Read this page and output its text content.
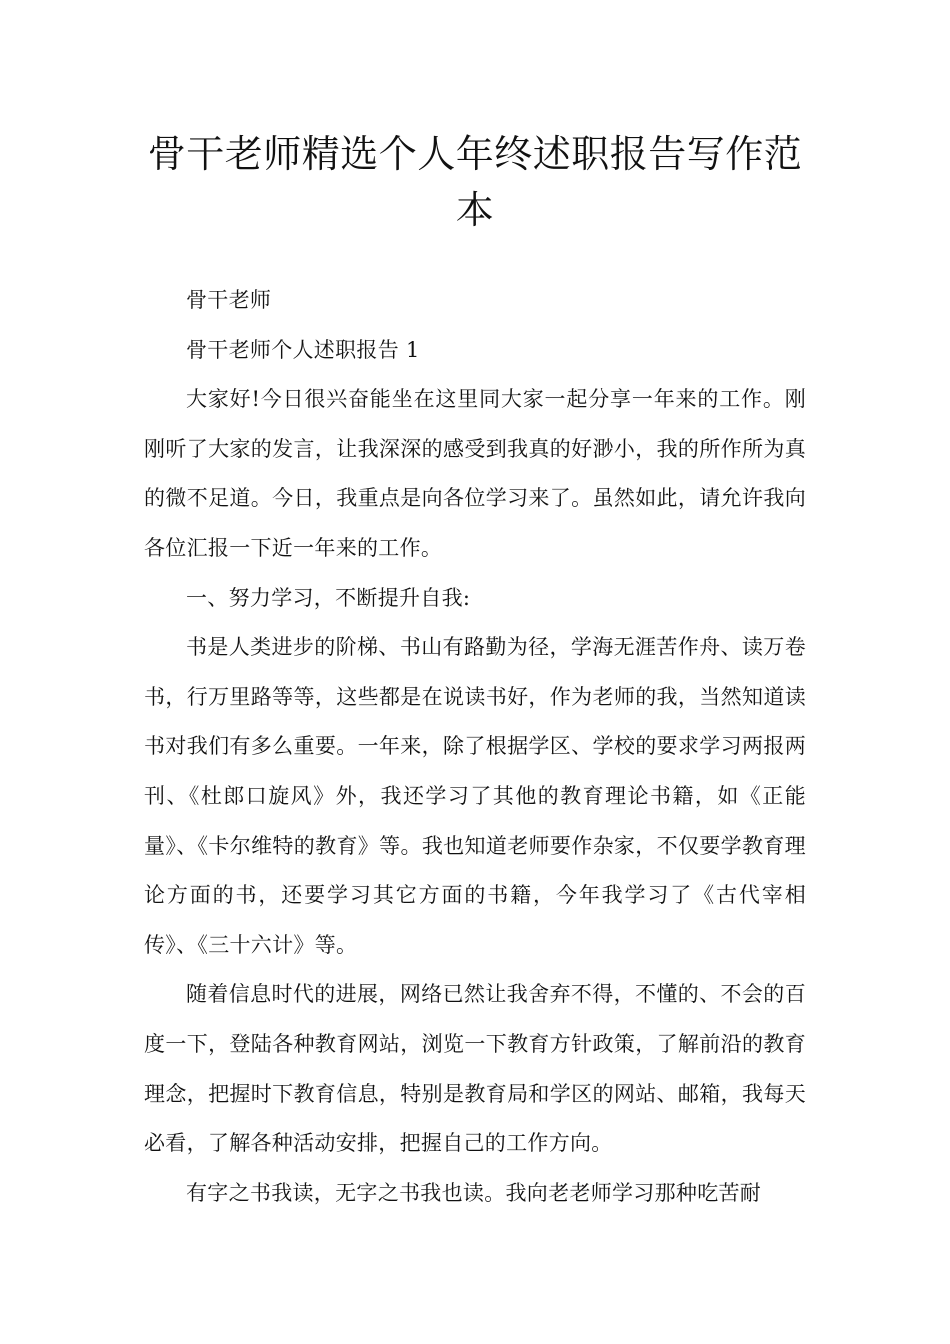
骨干老师精选个人年终述职报告写作范本

骨干老师

骨干老师个人述职报告 1

大家好!今日很兴奋能坐在这里同大家一起分享一年来的工作。刚刚听了大家的发言，让我深深的感受到我真的好渺小，我的所作所为真的微不足道。今日，我重点是向各位学习来了。虽然如此，请允许我向各位汇报一下近一年来的工作。

一、努力学习，不断提升自我:

书是人类进步的阶梯、书山有路勤为径，学海无涯苦作舟、读万卷书，行万里路等等，这些都是在说读书好，作为老师的我，当然知道读书对我们有多么重要。一年来，除了根据学区、学校的要求学习两报两刊、《杜郎口旋风》外，我还学习了其他的教育理论书籍，如《正能量》、《卡尔维特的教育》等。我也知道老师要作杂家，不仅要学教育理论方面的书，还要学习其它方面的书籍，今年我学习了《古代宰相传》、《三十六计》等。

随着信息时代的进展，网络已然让我舍弃不得，不懂的、不会的百度一下，登陆各种教育网站，浏览一下教育方针政策，了解前沿的教育理念，把握时下教育信息，特别是教育局和学区的网站、邮箱，我每天必看，了解各种活动安排，把握自己的工作方向。

有字之书我读，无字之书我也读。我向老老师学习那种吃苦耐
